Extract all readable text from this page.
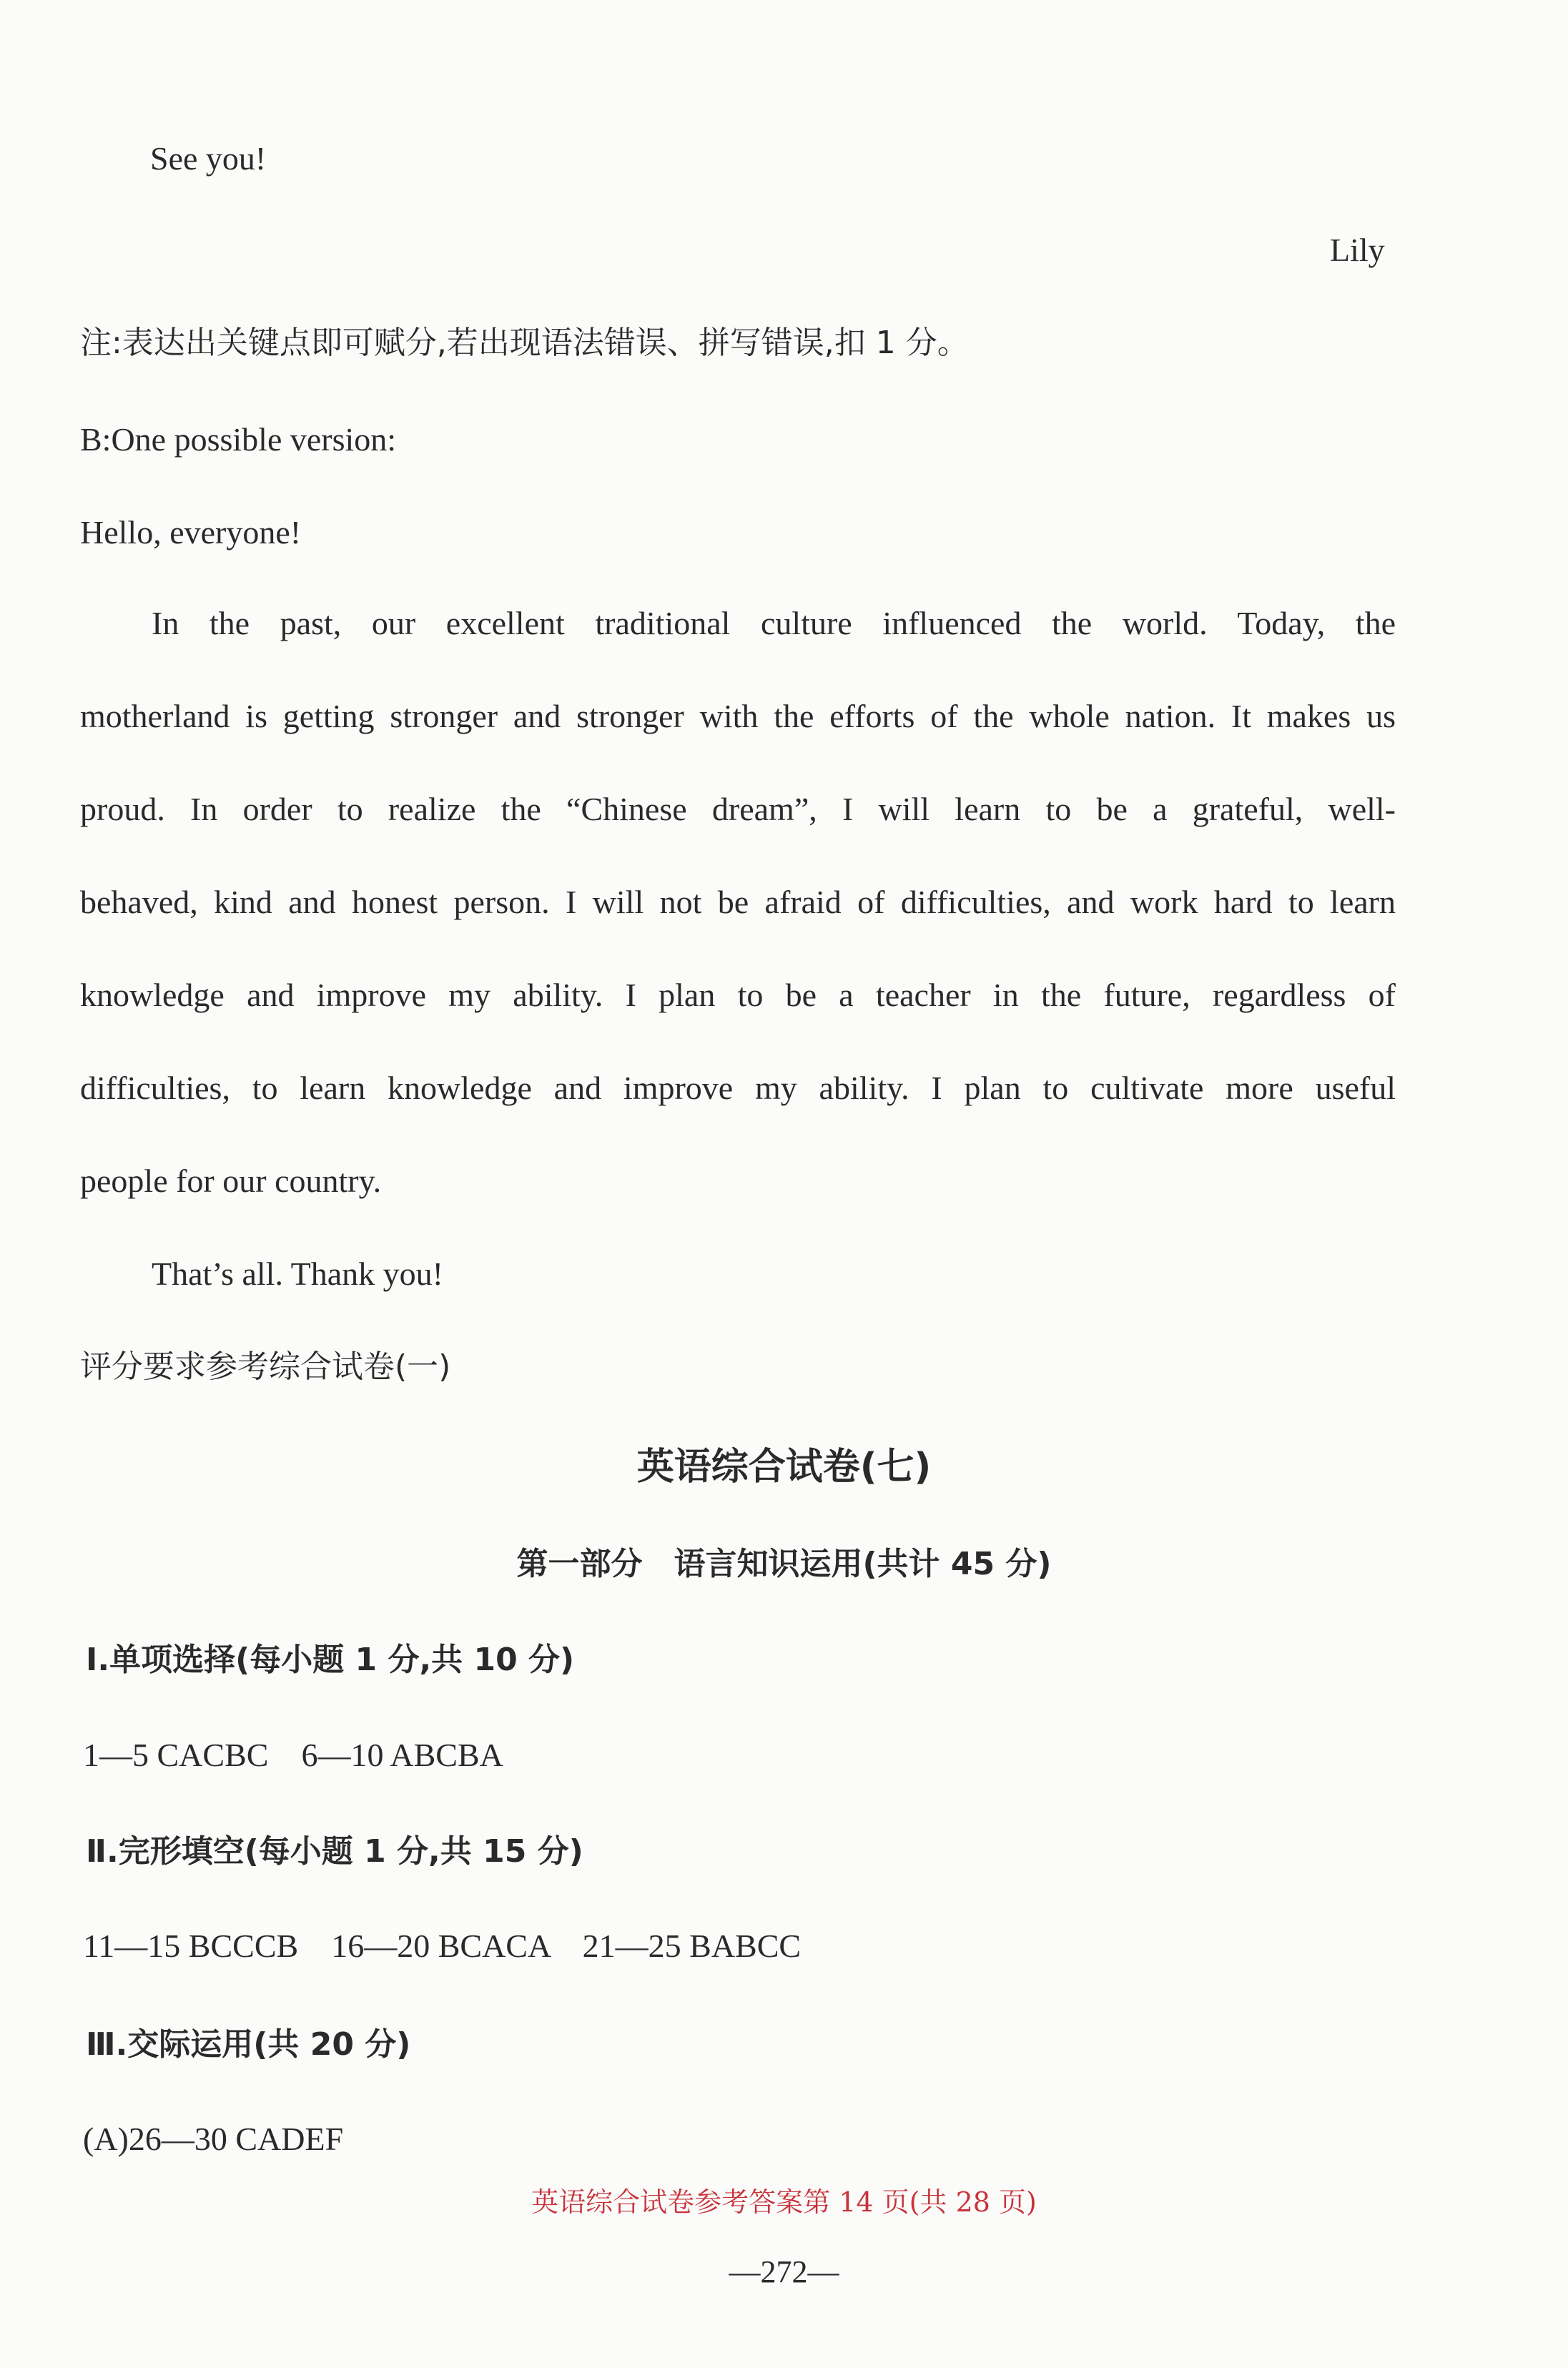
See you!
Lily
注:表达出关键点即可赋分,若出现语法错误、拼写错误,扣 1 分。
B:One possible version:
Hello, everyone!
In the past, our excellent traditional culture influenced the world. Today, the
motherland is getting stronger and stronger with the efforts of the whole nation. It makes us
proud. In order to realize the “Chinese dream”, I will learn to be a grateful, well-
behaved, kind and honest person. I will not be afraid of difficulties, and work hard to learn
knowledge and improve my ability. I plan to be a teacher in the future, regardless of
difficulties, to learn knowledge and improve my ability. I plan to cultivate more useful
people for our country.
That’s all. Thank you!
评分要求参考综合试卷(一)
英语综合试卷(七)
第一部分　语言知识运用(共计 45 分)
Ⅰ.单项选择(每小题 1 分,共 10 分)
1—5 CACBC　6—10 ABCBA
Ⅱ.完形填空(每小题 1 分,共 15 分)
11—15 BCCCB　16—20 BCACA　21—25 BABCC
Ⅲ.交际运用(共 20 分)
(A)26—30 CADEF
英语综合试卷参考答案第 14 页(共 28 页)
—272—
